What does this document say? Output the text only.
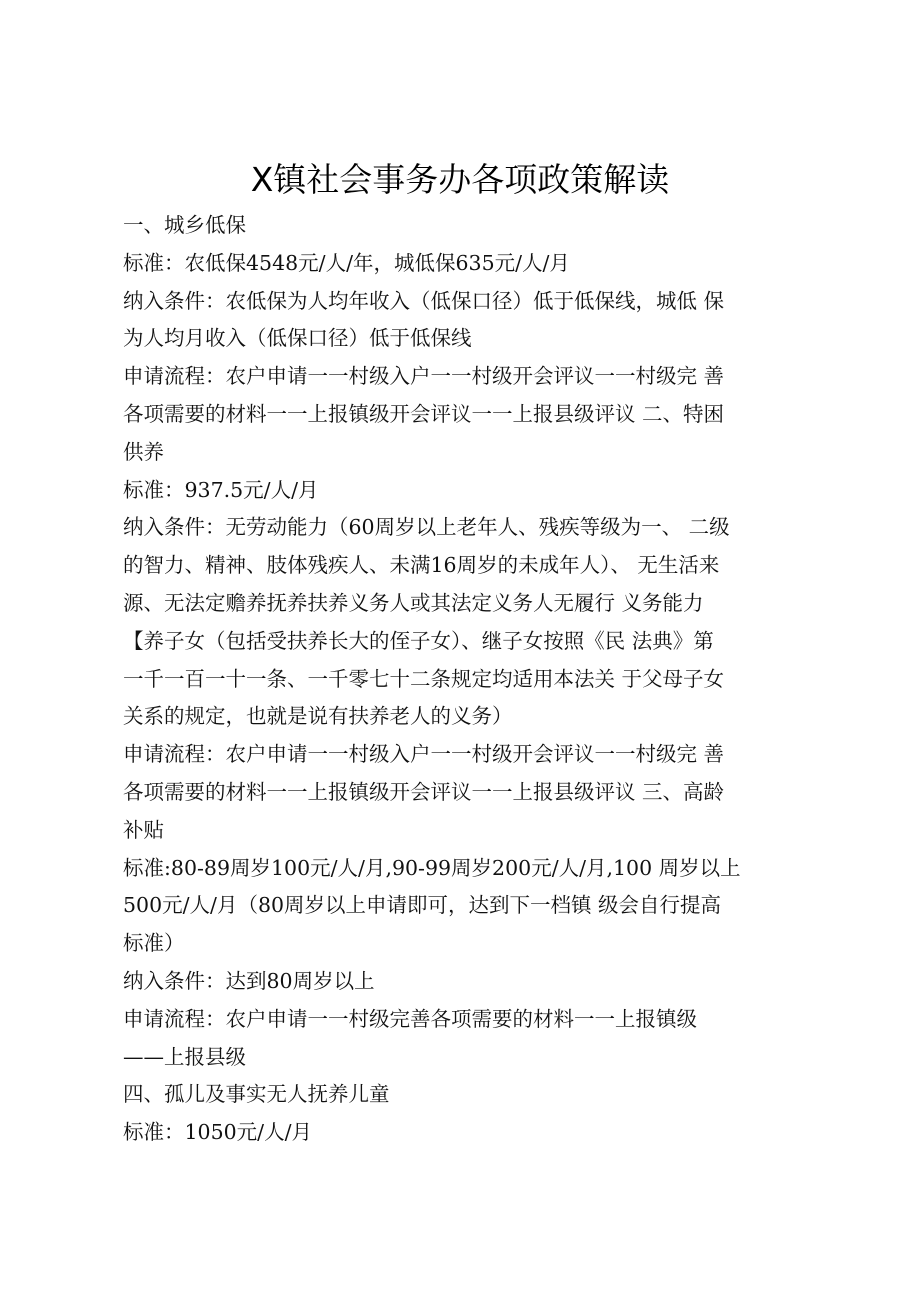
X镇社会事务办各项政策解读
一、城乡低保
标准：农低保4548元/人/年，城低保635元/人/月
纳入条件：农低保为人均年收入（低保口径）低于低保线，城低 保
为人均月收入（低保口径）低于低保线
申请流程：农户申请一一村级入户一一村级开会评议一一村级完 善
各项需要的材料一一上报镇级开会评议一一上报县级评议 二、特困
供养
标准：937.5元/人/月
纳入条件：无劳动能力（60周岁以上老年人、残疾等级为一、 二级
的智力、精神、肢体残疾人、未满16周岁的未成年人）、 无生活来
源、无法定赡养抚养扶养义务人或其法定义务人无履行 义务能力
【养子女（包括受扶养长大的侄子女）、继子女按照《民 法典》第
一千一百一十一条、一千零七十二条规定均适用本法关 于父母子女
关系的规定，也就是说有扶养老人的义务）
申请流程：农户申请一一村级入户一一村级开会评议一一村级完 善
各项需要的材料一一上报镇级开会评议一一上报县级评议 三、高龄
补贴
标准:80-89周岁100元/人/月,90-99周岁200元/人/月,100 周岁以上
500元/人/月（80周岁以上申请即可，达到下一档镇 级会自行提高
标准）
纳入条件：达到80周岁以上
申请流程：农户申请一一村级完善各项需要的材料一一上报镇级
——上报县级
四、孤儿及事实无人抚养儿童
标准：1050元/人/月
